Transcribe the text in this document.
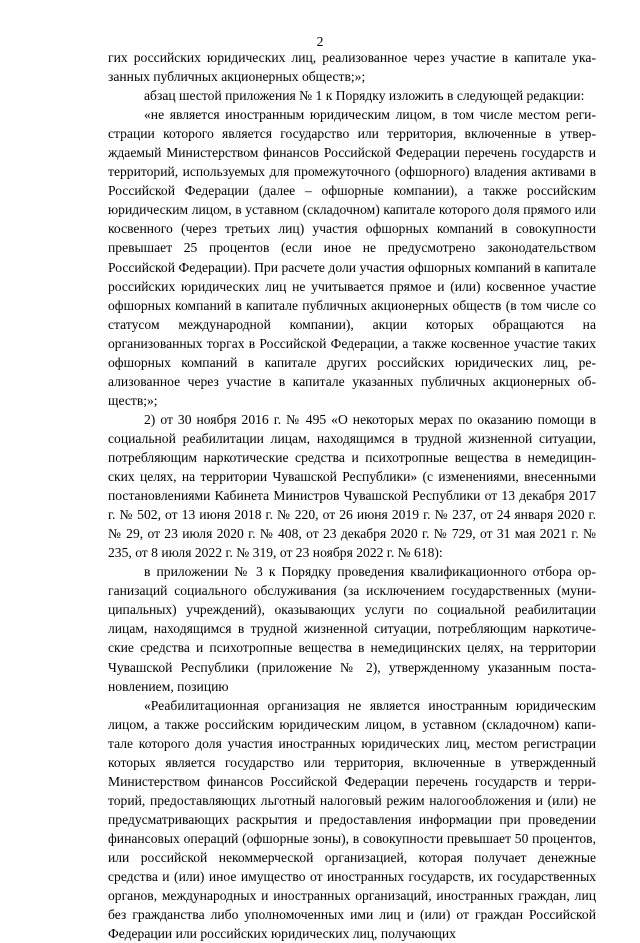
2

гих российских юридических лиц, реализованное через участие в капитале указанных публичных акционерных обществ;»;

абзац шестой приложения № 1 к Порядку изложить в следующей редакции:

«не является иностранным юридическим лицом, в том числе местом регистрации которого является государство или территория, включенные в утверждаемый Министерством финансов Российской Федерации перечень государств и территорий, используемых для промежуточного (офшорного) владения активами в Российской Федерации (далее – офшорные компании), а также российским юридическим лицом, в уставном (складочном) капитале которого доля прямого или косвенного (через третьих лиц) участия офшорных компаний в совокупности превышает 25 процентов (если иное не предусмотрено законодательством Российской Федерации). При расчете доли участия офшорных компаний в капитале российских юридических лиц не учитывается прямое и (или) косвенное участие офшорных компаний в капитале публичных акционерных обществ (в том числе со статусом международной компании), акции которых обращаются на организованных торгах в Российской Федерации, а также косвенное участие таких офшорных компаний в капитале других российских юридических лиц, реализованное через участие в капитале указанных публичных акционерных обществ;»;

2) от 30 ноября 2016 г. № 495 «О некоторых мерах по оказанию помощи в социальной реабилитации лицам, находящимся в трудной жизненной ситуации, потребляющим наркотические средства и психотропные вещества в немедицинских целях, на территории Чувашской Республики» (с изменениями, внесенными постановлениями Кабинета Министров Чувашской Республики от 13 декабря 2017 г. № 502, от 13 июня 2018 г. № 220, от 26 июня 2019 г. № 237, от 24 января 2020 г. № 29, от 23 июля 2020 г. № 408, от 23 декабря 2020 г. № 729, от 31 мая 2021 г. № 235, от 8 июля 2022 г. № 319, от 23 ноября 2022 г. № 618):

в приложении № 3 к Порядку проведения квалификационного отбора организаций социального обслуживания (за исключением государственных (муниципальных) учреждений), оказывающих услуги по социальной реабилитации лицам, находящимся в трудной жизненной ситуации, потребляющим наркотические средства и психотропные вещества в немедицинских целях, на территории Чувашской Республики (приложение № 2), утвержденному указанным постановлением, позицию

«Реабилитационная организация не является иностранным юридическим лицом, а также российским юридическим лицом, в уставном (складочном) капитале которого доля участия иностранных юридических лиц, местом регистрации которых является государство или территория, включенные в утвержденный Министерством финансов Российской Федерации перечень государств и территорий, предоставляющих льготный налоговый режим налогообложения и (или) не предусматривающих раскрытия и предоставления информации при проведении финансовых операций (офшорные зоны), в совокупности превышает 50 процентов, или российской некоммерческой организацией, которая получает денежные средства и (или) иное имущество от иностранных государств, их государственных органов, международных и иностранных организаций, иностранных граждан, лиц без гражданства либо уполномоченных ими лиц и (или) от граждан Российской Федерации или российских юридических лиц, получающих
